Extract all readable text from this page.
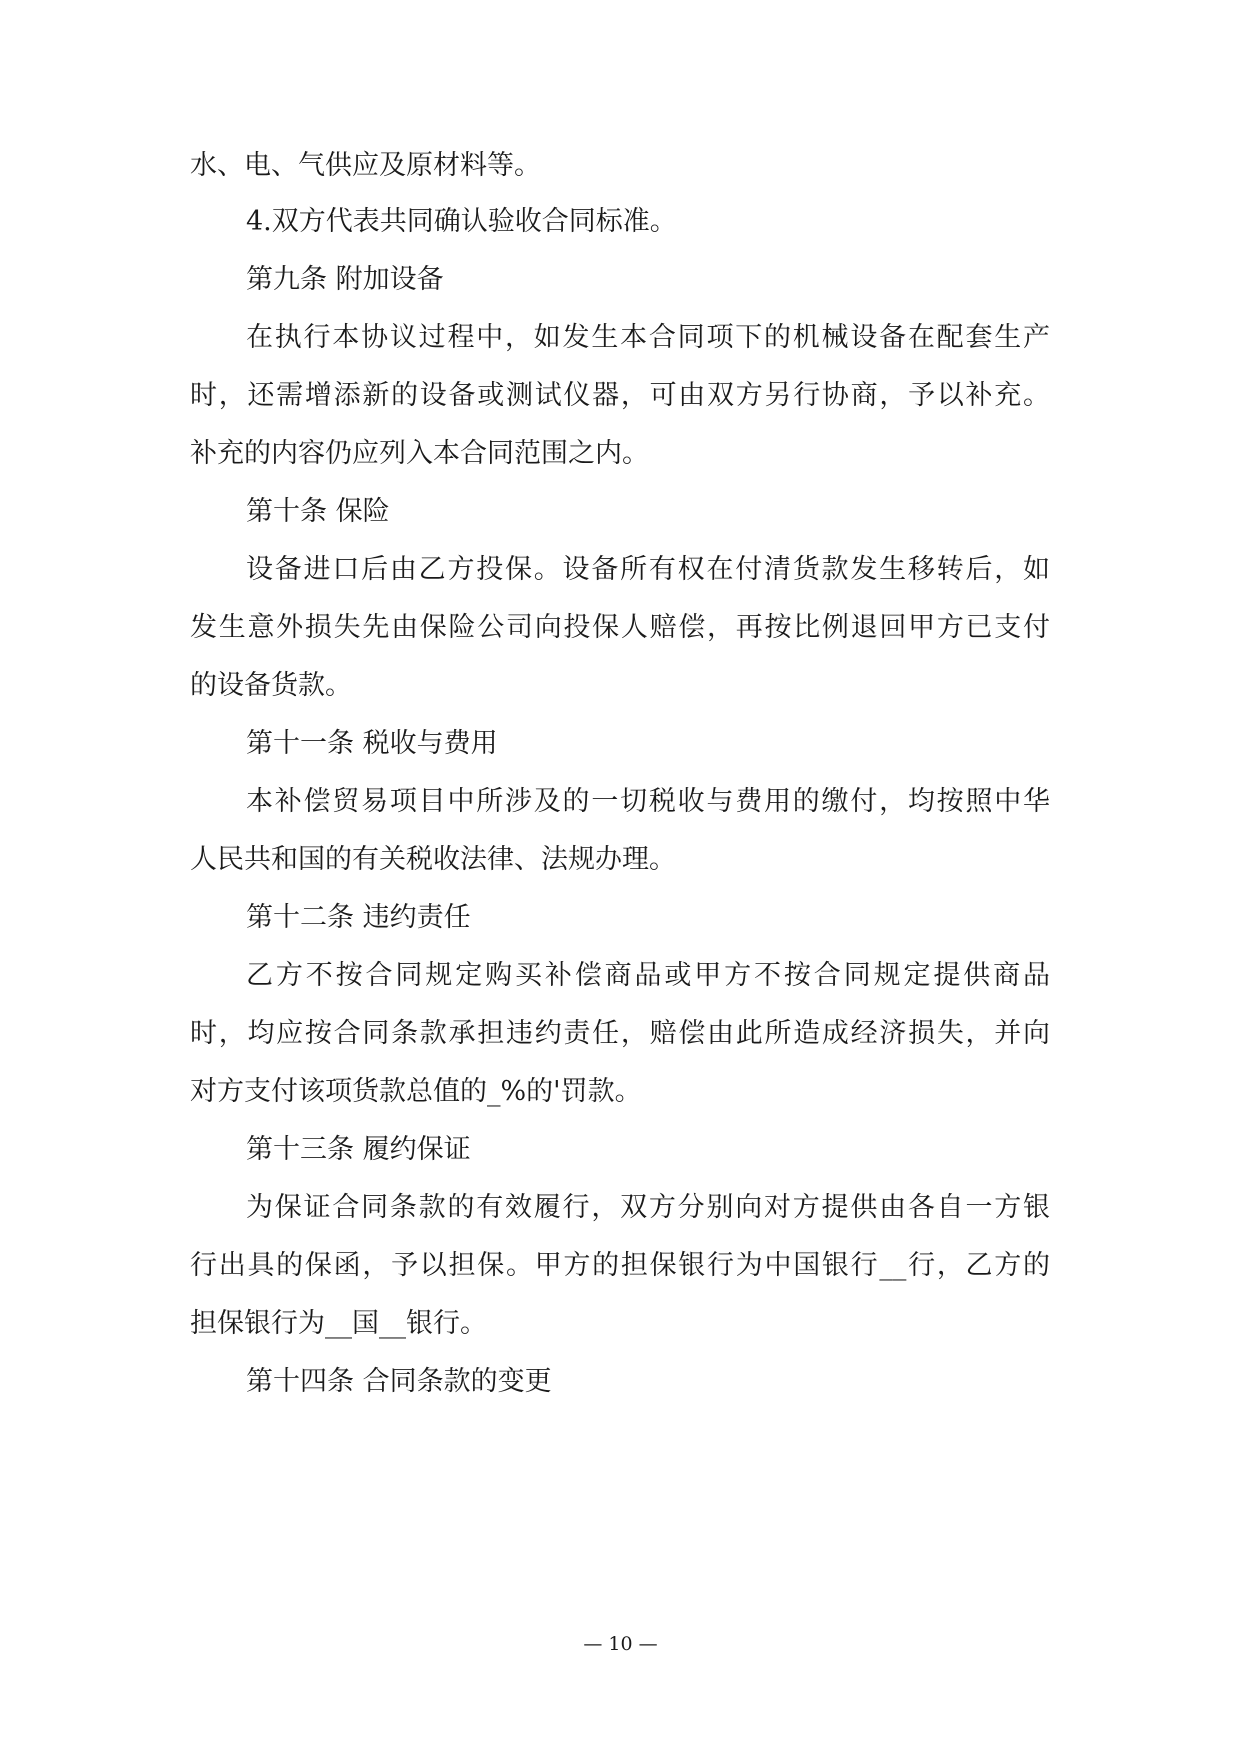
水、电、气供应及原材料等。
4.双方代表共同确认验收合同标准。
第九条 附加设备
在执行本协议过程中，如发生本合同项下的机械设备在配套生产
时，还需增添新的设备或测试仪器，可由双方另行协商，予以补充。
补充的内容仍应列入本合同范围之内。
第十条 保险
设备进口后由乙方投保。设备所有权在付清货款发生移转后，如
发生意外损失先由保险公司向投保人赔偿，再按比例退回甲方已支付
的设备货款。
第十一条 税收与费用
本补偿贸易项目中所涉及的一切税收与费用的缴付，均按照中华
人民共和国的有关税收法律、法规办理。
第十二条 违约责任
乙方不按合同规定购买补偿商品或甲方不按合同规定提供商品
时，均应按合同条款承担违约责任，赔偿由此所造成经济损失，并向
对方支付该项货款总值的_%的'罚款。
第十三条 履约保证
为保证合同条款的有效履行，双方分别向对方提供由各自一方银
行出具的保函，予以担保。甲方的担保银行为中国银行__行，乙方的
担保银行为__国__银行。
第十四条 合同条款的变更
— 10 —
